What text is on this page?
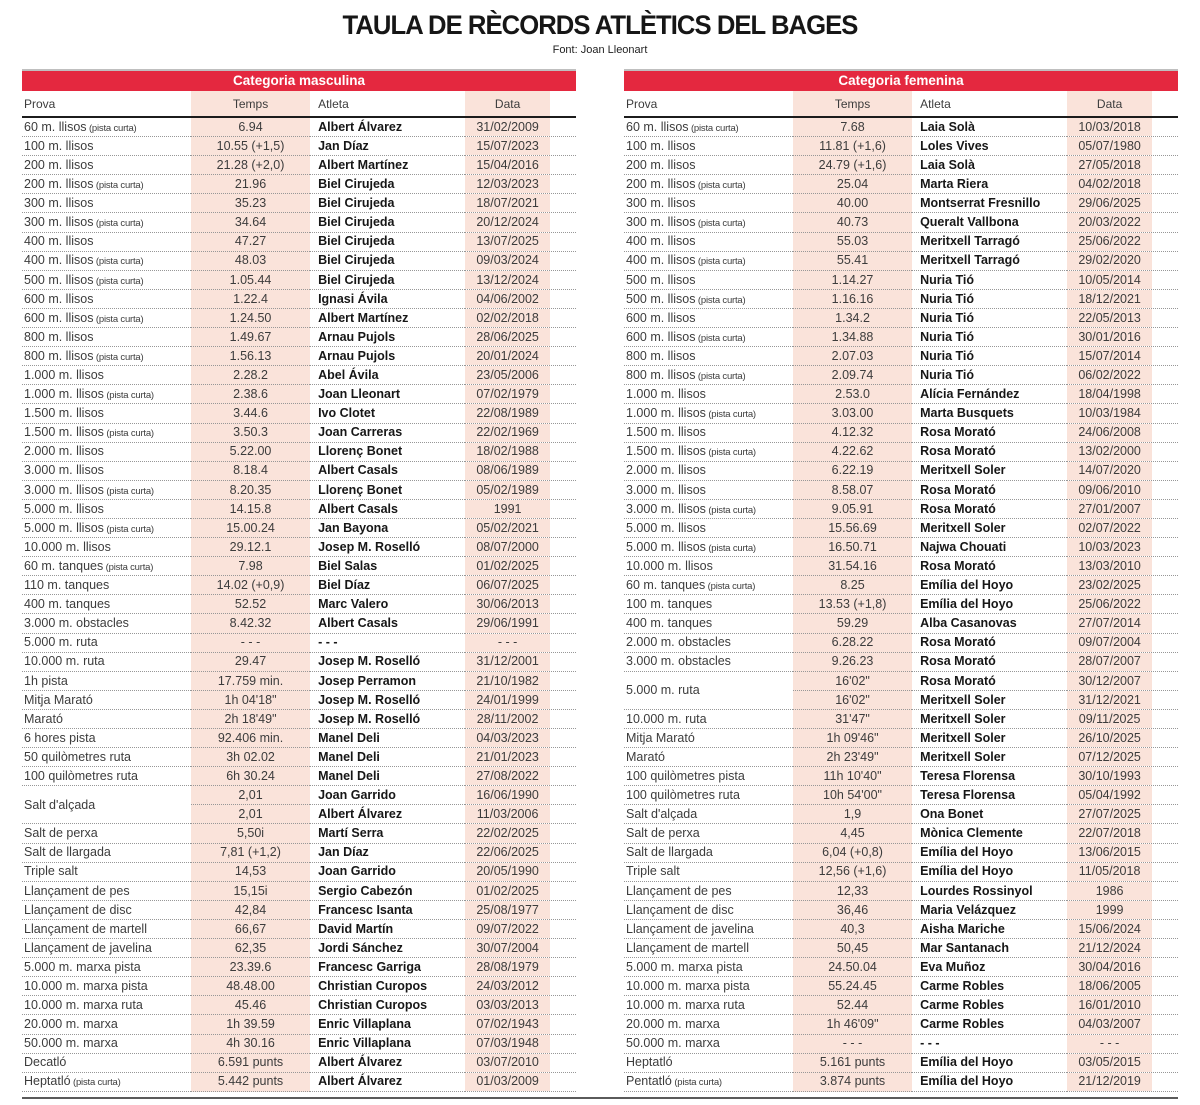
TAULA DE RÈCORDS ATLÈTICS DEL BAGES
Font: Joan Lleonart
Categoria masculina
Prova	Temps	Atleta	Data
60 m. llisos (pista curta)	6.94	Albert Álvarez	31/02/2009
100 m. llisos	10.55 (+1,5)	Jan Díaz	15/07/2023
200 m. llisos	21.28 (+2,0)	Albert Martínez	15/04/2016
200 m. llisos (pista curta)	21.96	Biel Cirujeda	12/03/2023
300 m. llisos	35.23	Biel Cirujeda	18/07/2021
300 m. llisos (pista curta)	34.64	Biel Cirujeda	20/12/2024
400 m. llisos	47.27	Biel Cirujeda	13/07/2025
400 m. llisos (pista curta)	48.03	Biel Cirujeda	09/03/2024
500 m. llisos (pista curta)	1.05.44	Biel Cirujeda	13/12/2024
600 m. llisos	1.22.4	Ignasi Ávila	04/06/2002
600 m. llisos (pista curta)	1.24.50	Albert Martínez	02/02/2018
800 m. llisos	1.49.67	Arnau Pujols	28/06/2025
800 m. llisos (pista curta)	1.56.13	Arnau Pujols	20/01/2024
1.000 m. llisos	2.28.2	Abel Ávila	23/05/2006
1.000 m. llisos (pista curta)	2.38.6	Joan Lleonart	07/02/1979
1.500 m. llisos	3.44.6	Ivo Clotet	22/08/1989
1.500 m. llisos (pista curta)	3.50.3	Joan Carreras	22/02/1969
2.000 m. llisos	5.22.00	Llorenç Bonet	18/02/1988
3.000 m. llisos	8.18.4	Albert Casals	08/06/1989
3.000 m. llisos (pista curta)	8.20.35	Llorenç Bonet	05/02/1989
5.000 m. llisos	14.15.8	Albert Casals	1991
5.000 m. llisos (pista curta)	15.00.24	Jan Bayona	05/02/2021
10.000 m. llisos	29.12.1	Josep M. Roselló	08/07/2000
60 m. tanques (pista curta)	7.98	Biel Salas	01/02/2025
110 m. tanques	14.02 (+0,9)	Biel Díaz	06/07/2025
400 m. tanques	52.52	Marc Valero	30/06/2013
3.000 m. obstacles	8.42.32	Albert Casals	29/06/1991
5.000 m. ruta	- - -	- - -	- - -
10.000 m. ruta	29.47	Josep M. Roselló	31/12/2001
1h pista	17.759 min.	Josep Perramon	21/10/1982
Mitja Marató	1h 04'18"	Josep M. Roselló	24/01/1999
Marató	2h 18'49"	Josep M. Roselló	28/11/2002
6 hores pista	92.406 min.	Manel Deli	04/03/2023
50 quilòmetres ruta	3h 02.02	Manel Deli	21/01/2023
100 quilòmetres ruta	6h 30.24	Manel Deli	27/08/2022
Salt d'alçada	2,01	Joan Garrido	16/06/1990
	2,01	Albert Álvarez	11/03/2006
Salt de perxa	5,50i	Martí Serra	22/02/2025
Salt de llargada	7,81 (+1,2)	Jan Díaz	22/06/2025
Triple salt	14,53	Joan Garrido	20/05/1990
Llançament de pes	15,15i	Sergio Cabezón	01/02/2025
Llançament de disc	42,84	Francesc Isanta	25/08/1977
Llançament de martell	66,67	David Martín	09/07/2022
Llançament de javelina	62,35	Jordi Sánchez	30/07/2004
5.000 m. marxa pista	23.39.6	Francesc Garriga	28/08/1979
10.000 m. marxa pista	48.48.00	Christian Curopos	24/03/2012
10.000 m. marxa ruta	45.46	Christian Curopos	03/03/2013
20.000 m. marxa	1h 39.59	Enric Villaplana	07/02/1943
50.000 m. marxa	4h 30.16	Enric Villaplana	07/03/1948
Decatló	6.591 punts	Albert Álvarez	03/07/2010
Heptatló (pista curta)	5.442 punts	Albert Álvarez	01/03/2009
Categoria femenina
Prova	Temps	Atleta	Data
60 m. llisos (pista curta)	7.68	Laia Solà	10/03/2018
100 m. llisos	11.81 (+1,6)	Loles Vives	05/07/1980
200 m. llisos	24.79 (+1,6)	Laia Solà	27/05/2018
200 m. llisos (pista curta)	25.04	Marta Riera	04/02/2018
300 m. llisos	40.00	Montserrat Fresnillo	29/06/2025
300 m. llisos (pista curta)	40.73	Queralt Vallbona	20/03/2022
400 m. llisos	55.03	Meritxell Tarragó	25/06/2022
400 m. llisos (pista curta)	55.41	Meritxell Tarragó	29/02/2020
500 m. llisos	1.14.27	Nuria Tió	10/05/2014
500 m. llisos (pista curta)	1.16.16	Nuria Tió	18/12/2021
600 m. llisos	1.34.2	Nuria Tió	22/05/2013
600 m. llisos (pista curta)	1.34.88	Nuria Tió	30/01/2016
800 m. llisos	2.07.03	Nuria Tió	15/07/2014
800 m. llisos (pista curta)	2.09.74	Nuria Tió	06/02/2022
1.000 m. llisos	2.53.0	Alícia Fernández	18/04/1998
1.000 m. llisos (pista curta)	3.03.00	Marta Busquets	10/03/1984
1.500 m. llisos	4.12.32	Rosa Morató	24/06/2008
1.500 m. llisos (pista curta)	4.22.62	Rosa Morató	13/02/2000
2.000 m. llisos	6.22.19	Meritxell Soler	14/07/2020
3.000 m. llisos	8.58.07	Rosa Morató	09/06/2010
3.000 m. llisos (pista curta)	9.05.91	Rosa Morató	27/01/2007
5.000 m. llisos	15.56.69	Meritxell Soler	02/07/2022
5.000 m. llisos (pista curta)	16.50.71	Najwa Chouati	10/03/2023
10.000 m. llisos	31.54.16	Rosa Morató	13/03/2010
60 m. tanques (pista curta)	8.25	Emília del Hoyo	23/02/2025
100 m. tanques	13.53 (+1,8)	Emília del Hoyo	25/06/2022
400 m. tanques	59.29	Alba Casanovas	27/07/2014
2.000 m. obstacles	6.28.22	Rosa Morató	09/07/2004
3.000 m. obstacles	9.26.23	Rosa Morató	28/07/2007
5.000 m. ruta	16'02"	Rosa Morató	30/12/2007
	16'02"	Meritxell Soler	31/12/2021
10.000 m. ruta	31'47"	Meritxell Soler	09/11/2025
Mitja Marató	1h 09'46"	Meritxell Soler	26/10/2025
Marató	2h 23'49"	Meritxell Soler	07/12/2025
100 quilòmetres pista	11h 10'40"	Teresa Florensa	30/10/1993
100 quilòmetres ruta	10h 54'00"	Teresa Florensa	05/04/1992
Salt d'alçada	1,9	Ona Bonet	27/07/2025
Salt de perxa	4,45	Mònica Clemente	22/07/2018
Salt de llargada	6,04 (+0,8)	Emília del Hoyo	13/06/2015
Triple salt	12,56 (+1,6)	Emília del Hoyo	11/05/2018
Llançament de pes	12,33	Lourdes Rossinyol	1986
Llançament de disc	36,46	Maria Velázquez	1999
Llançament de javelina	40,3	Aisha Mariche	15/06/2024
Llançament de martell	50,45	Mar Santanach	21/12/2024
5.000 m. marxa pista	24.50.04	Eva Muñoz	30/04/2016
10.000 m. marxa pista	55.24.45	Carme Robles	18/06/2005
10.000 m. marxa ruta	52.44	Carme Robles	16/01/2010
20.000 m. marxa	1h 46'09"	Carme Robles	04/03/2007
50.000 m. marxa	- - -	- - -	- - -
Heptatló	5.161 punts	Emília del Hoyo	03/05/2015
Pentatló (pista curta)	3.874 punts	Emília del Hoyo	21/12/2019
